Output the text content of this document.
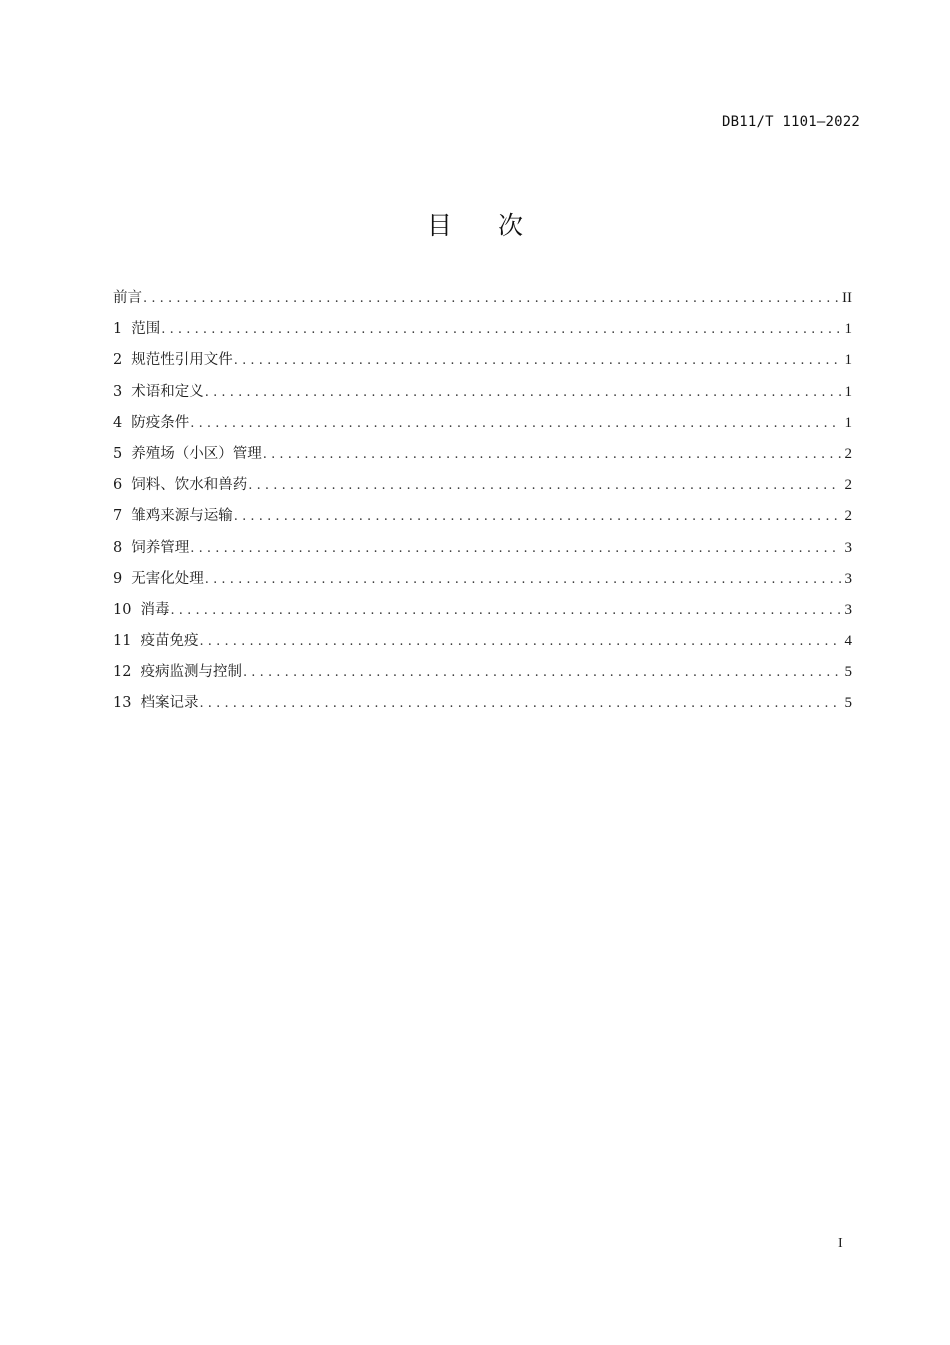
DB11/T 1101—2022
目次
前言 .....	II
1 范围 .....	1
2 规范性引用文件 .....	1
3 术语和定义 .....	1
4 防疫条件 .....	1
5 养殖场（小区）管理 .....	2
6 饲料、饮水和兽药 .....	2
7 雏鸡来源与运输 .....	2
8 饲养管理 .....	3
9 无害化处理 .....	3
10 消毒 .....	3
11 疫苗免疫 .....	4
12 疫病监测与控制 .....	5
13 档案记录 .....	5
I
